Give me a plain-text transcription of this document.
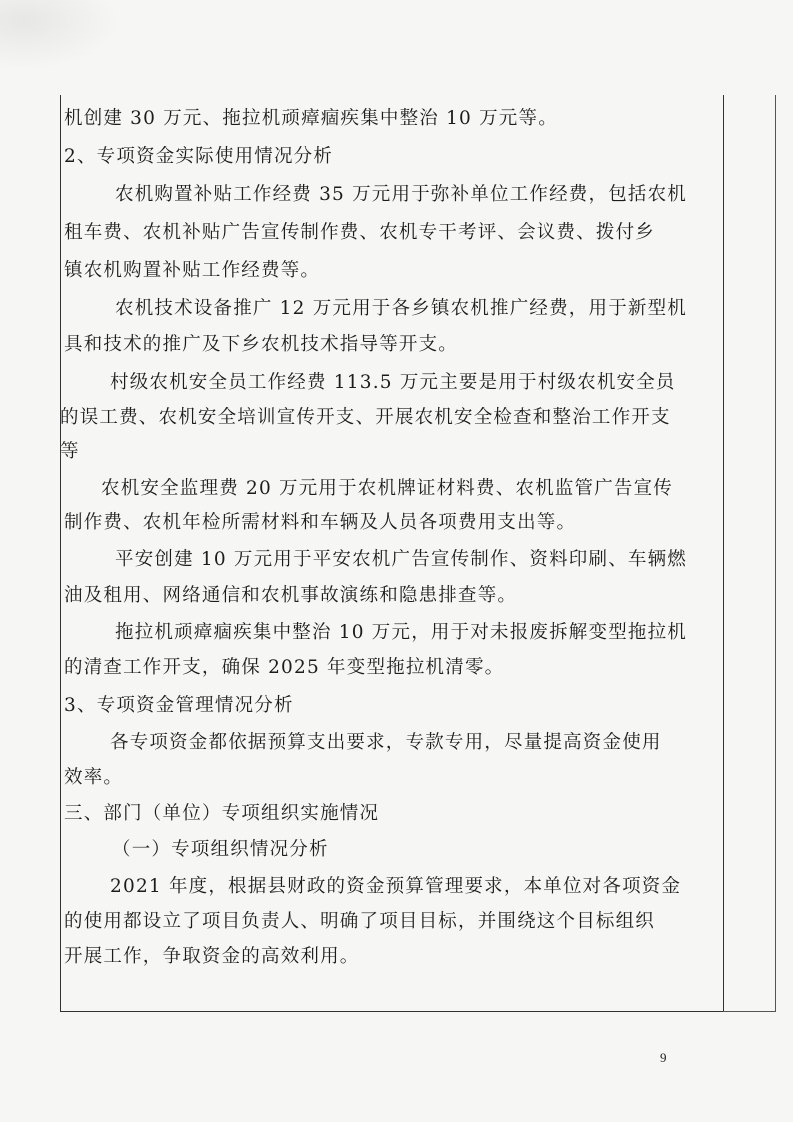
机创建 30 万元、拖拉机顽瘴痼疾集中整治 10 万元等。
2、专项资金实际使用情况分析
农机购置补贴工作经费 35 万元用于弥补单位工作经费，包括农机
租车费、农机补贴广告宣传制作费、农机专干考评、会议费、拨付乡
镇农机购置补贴工作经费等。
农机技术设备推广 12 万元用于各乡镇农机推广经费，用于新型机
具和技术的推广及下乡农机技术指导等开支。
村级农机安全员工作经费 113.5 万元主要是用于村级农机安全员
的误工费、农机安全培训宣传开支、开展农机安全检查和整治工作开支
等
农机安全监理费 20 万元用于农机牌证材料费、农机监管广告宣传
制作费、农机年检所需材料和车辆及人员各项费用支出等。
平安创建 10 万元用于平安农机广告宣传制作、资料印刷、车辆燃
油及租用、网络通信和农机事故演练和隐患排查等。
拖拉机顽瘴痼疾集中整治 10 万元，用于对未报废拆解变型拖拉机
的清查工作开支，确保 2025 年变型拖拉机清零。
3、专项资金管理情况分析
各专项资金都依据预算支出要求，专款专用，尽量提高资金使用
效率。
三、部门（单位）专项组织实施情况
（一）专项组织情况分析
2021 年度，根据县财政的资金预算管理要求，本单位对各项资金
的使用都设立了项目负责人、明确了项目目标，并围绕这个目标组织
开展工作，争取资金的高效利用。
9
